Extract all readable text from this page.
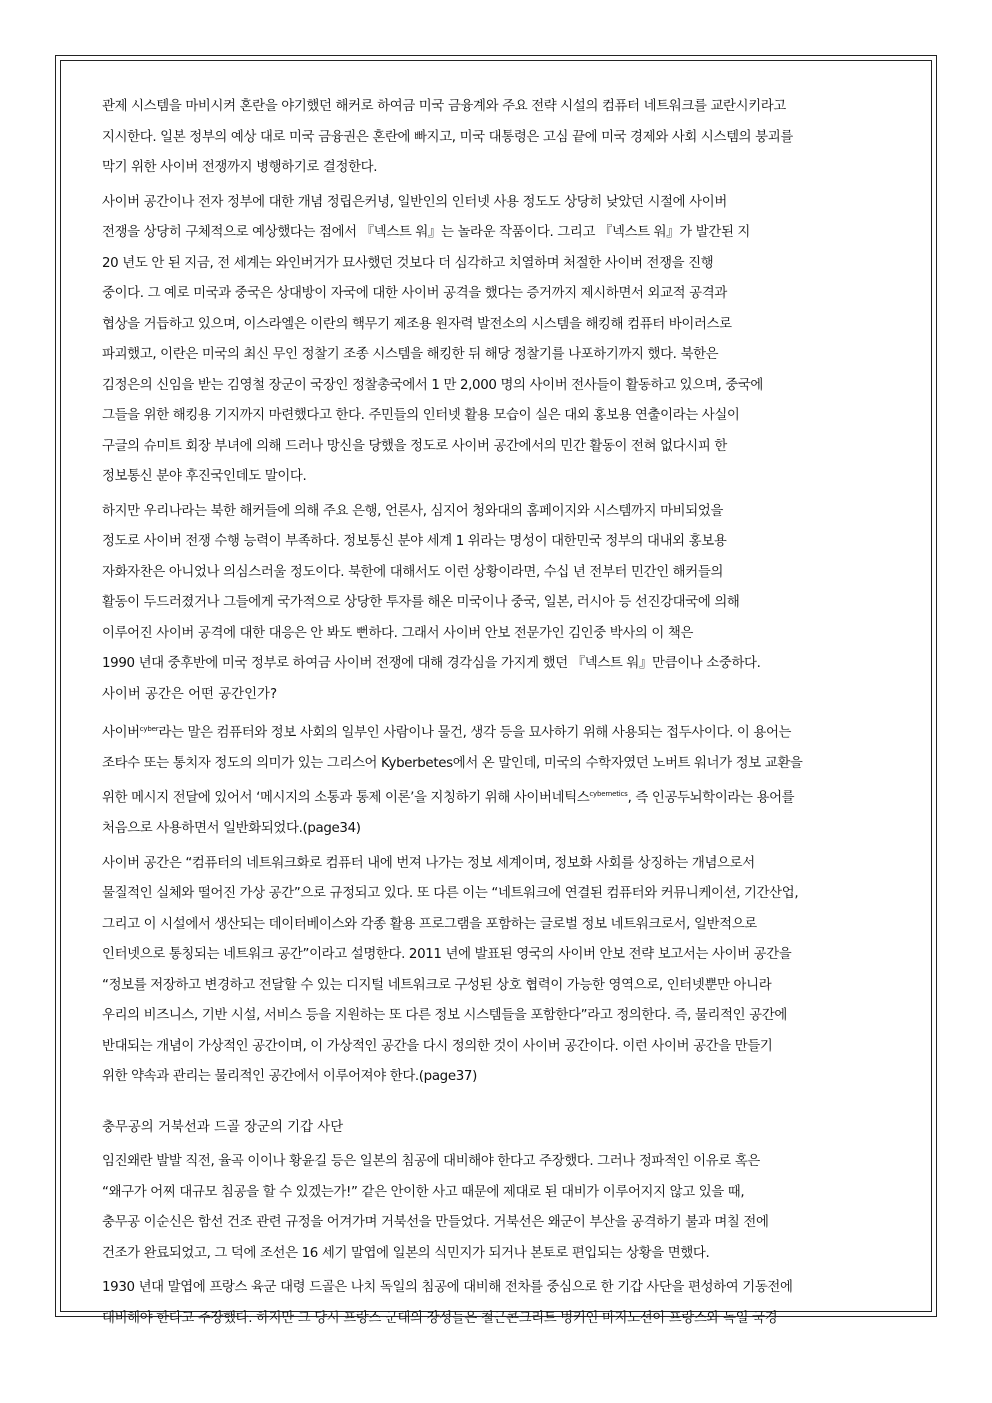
관제 시스템을 마비시켜 혼란을 야기했던 해커로 하여금 미국 금융계와 주요 전략 시설의 컴퓨터 네트워크를 교란시키라고
지시한다. 일본 정부의 예상 대로 미국 금융권은 혼란에 빠지고, 미국 대통령은 고심 끝에 미국 경제와 사회 시스템의 붕괴를
막기 위한 사이버 전쟁까지 병행하기로 결정한다.
사이버 공간이나 전자 정부에 대한 개념 정립은커녕, 일반인의 인터넷 사용 정도도 상당히 낮았던 시절에 사이버
전쟁을 상당히 구체적으로 예상했다는 점에서 『넥스트 워』는 놀라운 작품이다. 그리고 『넥스트 워』가 발간된 지
20 년도 안 된 지금, 전 세계는 와인버거가 묘사했던 것보다 더 심각하고 치열하며 처절한 사이버 전쟁을 진행
중이다. 그 예로 미국과 중국은 상대방이 자국에 대한 사이버 공격을 했다는 증거까지 제시하면서 외교적 공격과
협상을 거듭하고 있으며, 이스라엘은 이란의 핵무기 제조용 원자력 발전소의 시스템을 해킹해 컴퓨터 바이러스로
파괴했고, 이란은 미국의 최신 무인 정찰기 조종 시스템을 해킹한 뒤 해당 정찰기를 나포하기까지 했다. 북한은
김정은의 신임을 받는 김영철 장군이 국장인 정찰총국에서 1 만 2,000 명의 사이버 전사들이 활동하고 있으며, 중국에
그들을 위한 해킹용 기지까지 마련했다고 한다. 주민들의 인터넷 활용 모습이 실은 대외 홍보용 연출이라는 사실이
구글의 슈미트 회장 부녀에 의해 드러나 망신을 당했을 정도로 사이버 공간에서의 민간 활동이 전혀 없다시피 한
정보통신 분야 후진국인데도 말이다.
하지만 우리나라는 북한 해커들에 의해 주요 은행, 언론사, 심지어 청와대의 홈페이지와 시스템까지 마비되었을
정도로 사이버 전쟁 수행 능력이 부족하다. 정보통신 분야 세계 1 위라는 명성이 대한민국 정부의 대내외 홍보용
자화자찬은 아니었나 의심스러울 정도이다. 북한에 대해서도 이런 상황이라면, 수십 년 전부터 민간인 해커들의
활동이 두드러졌거나 그들에게 국가적으로 상당한 투자를 해온 미국이나 중국, 일본, 러시아 등 선진강대국에 의해
이루어진 사이버 공격에 대한 대응은 안 봐도 뻔하다. 그래서 사이버 안보 전문가인 김인중 박사의 이 책은
1990 년대 중후반에 미국 정부로 하여금 사이버 전쟁에 대해 경각심을 가지게 했던 『넥스트 워』만큼이나 소중하다.

사이버 공간은 어떤 공간인가?

사이버$^{cyber}$라는 말은 컴퓨터와 정보 사회의 일부인 사람이나 물건, 생각 등을 묘사하기 위해 사용되는 접두사이다. 이 용어는
조타수 또는 통치자 정도의 의미가 있는 그리스어 Kyberbetes에서 온 말인데, 미국의 수학자였던 노버트 워너가 정보 교환을
위한 메시지 전달에 있어서 ‘메시지의 소통과 통제 이론’을 지칭하기 위해 사이버네틱스$^{cybernetics}$, 즉 인공두뇌학이라는 용어를
처음으로 사용하면서 일반화되었다.(page34)
사이버 공간은 “컴퓨터의 네트워크화로 컴퓨터 내에 번져 나가는 정보 세계이며, 정보화 사회를 상징하는 개념으로서
물질적인 실체와 떨어진 가상 공간”으로 규정되고 있다. 또 다른 이는 “네트워크에 연결된 컴퓨터와 커뮤니케이션, 기간산업,
그리고 이 시설에서 생산되는 데이터베이스와 각종 활용 프로그램을 포함하는 글로벌 정보 네트워크로서, 일반적으로
인터넷으로 통칭되는 네트워크 공간”이라고 설명한다. 2011 년에 발표된 영국의 사이버 안보 전략 보고서는 사이버 공간을
“정보를 저장하고 변경하고 전달할 수 있는 디지털 네트워크로 구성된 상호 협력이 가능한 영역으로, 인터넷뿐만 아니라
우리의 비즈니스, 기반 시설, 서비스 등을 지원하는 또 다른 정보 시스템들을 포함한다”라고 정의한다. 즉, 물리적인 공간에
반대되는 개념이 가상적인 공간이며, 이 가상적인 공간을 다시 정의한 것이 사이버 공간이다. 이런 사이버 공간을 만들기
위한 약속과 관리는 물리적인 공간에서 이루어져야 한다.(page37)

충무공의 거북선과 드골 장군의 기갑 사단

임진왜란 발발 직전, 율곡 이이나 황윤길 등은 일본의 침공에 대비해야 한다고 주장했다. 그러나 정파적인 이유로 혹은
“왜구가 어찌 대규모 침공을 할 수 있겠는가!” 같은 안이한 사고 때문에 제대로 된 대비가 이루어지지 않고 있을 때,
충무공 이순신은 함선 건조 관련 규정을 어겨가며 거북선을 만들었다. 거북선은 왜군이 부산을 공격하기 불과 며칠 전에
건조가 완료되었고, 그 덕에 조선은 16 세기 말엽에 일본의 식민지가 되거나 본토로 편입되는 상황을 면했다.
1930 년대 말엽에 프랑스 육군 대령 드골은 나치 독일의 침공에 대비해 전차를 중심으로 한 기갑 사단을 편성하여 기동전에
대비해야 한다고 주장했다. 하지만 그 당시 프랑스 군대의 장성들은 철근콘크리트 벙커인 마지노선이 프랑스와 독일 국경
